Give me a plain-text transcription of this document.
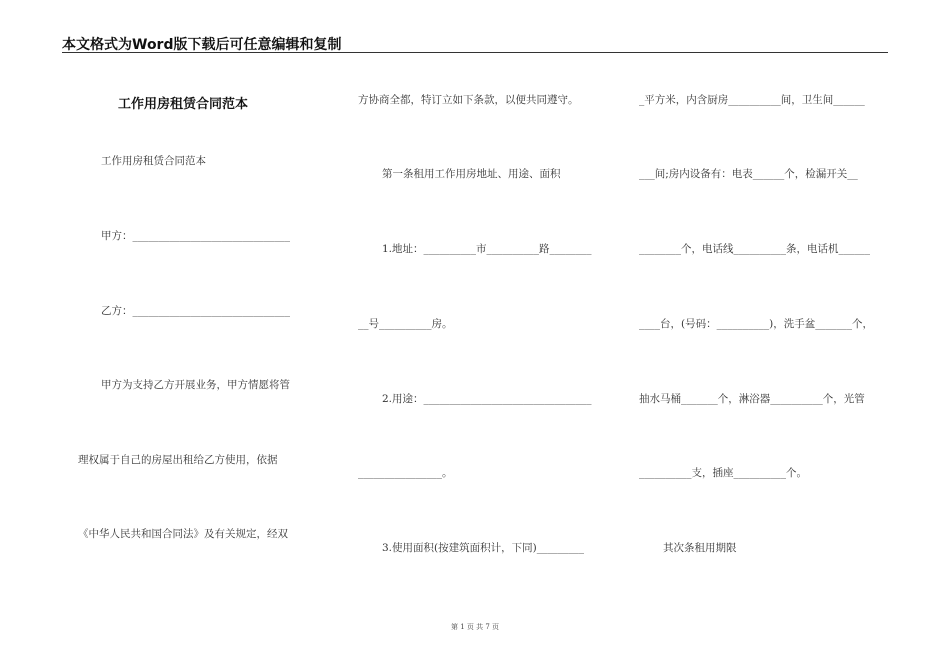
本文格式为Word版下载后可任意编辑和复制
工作用房租赁合同范本
工作用房租赁合同范本
甲方：______________________________
乙方：______________________________
甲方为支持乙方开展业务，甲方情愿将管
理权属于自己的房屋出租给乙方使用，依据
《中华人民共和国合同法》及有关规定，经双
方协商全都，特订立如下条款，以便共同遵守。
第一条租用工作用房地址、用途、面积
1.地址：__________市__________路________
__号__________房。
2.用途：________________________________
________________。
3.使用面积(按建筑面积计，下同)_________
_平方米，内含厨房__________间，卫生间______
___间;房内设备有：电表______个，检漏开关__
________个，电话线__________条，电话机______
____台，(号码：__________)，洗手盆_______个，
抽水马桶_______个，淋浴器__________个，光管
__________支，插座__________个。
其次条租用期限
第 1 页 共 7 页
